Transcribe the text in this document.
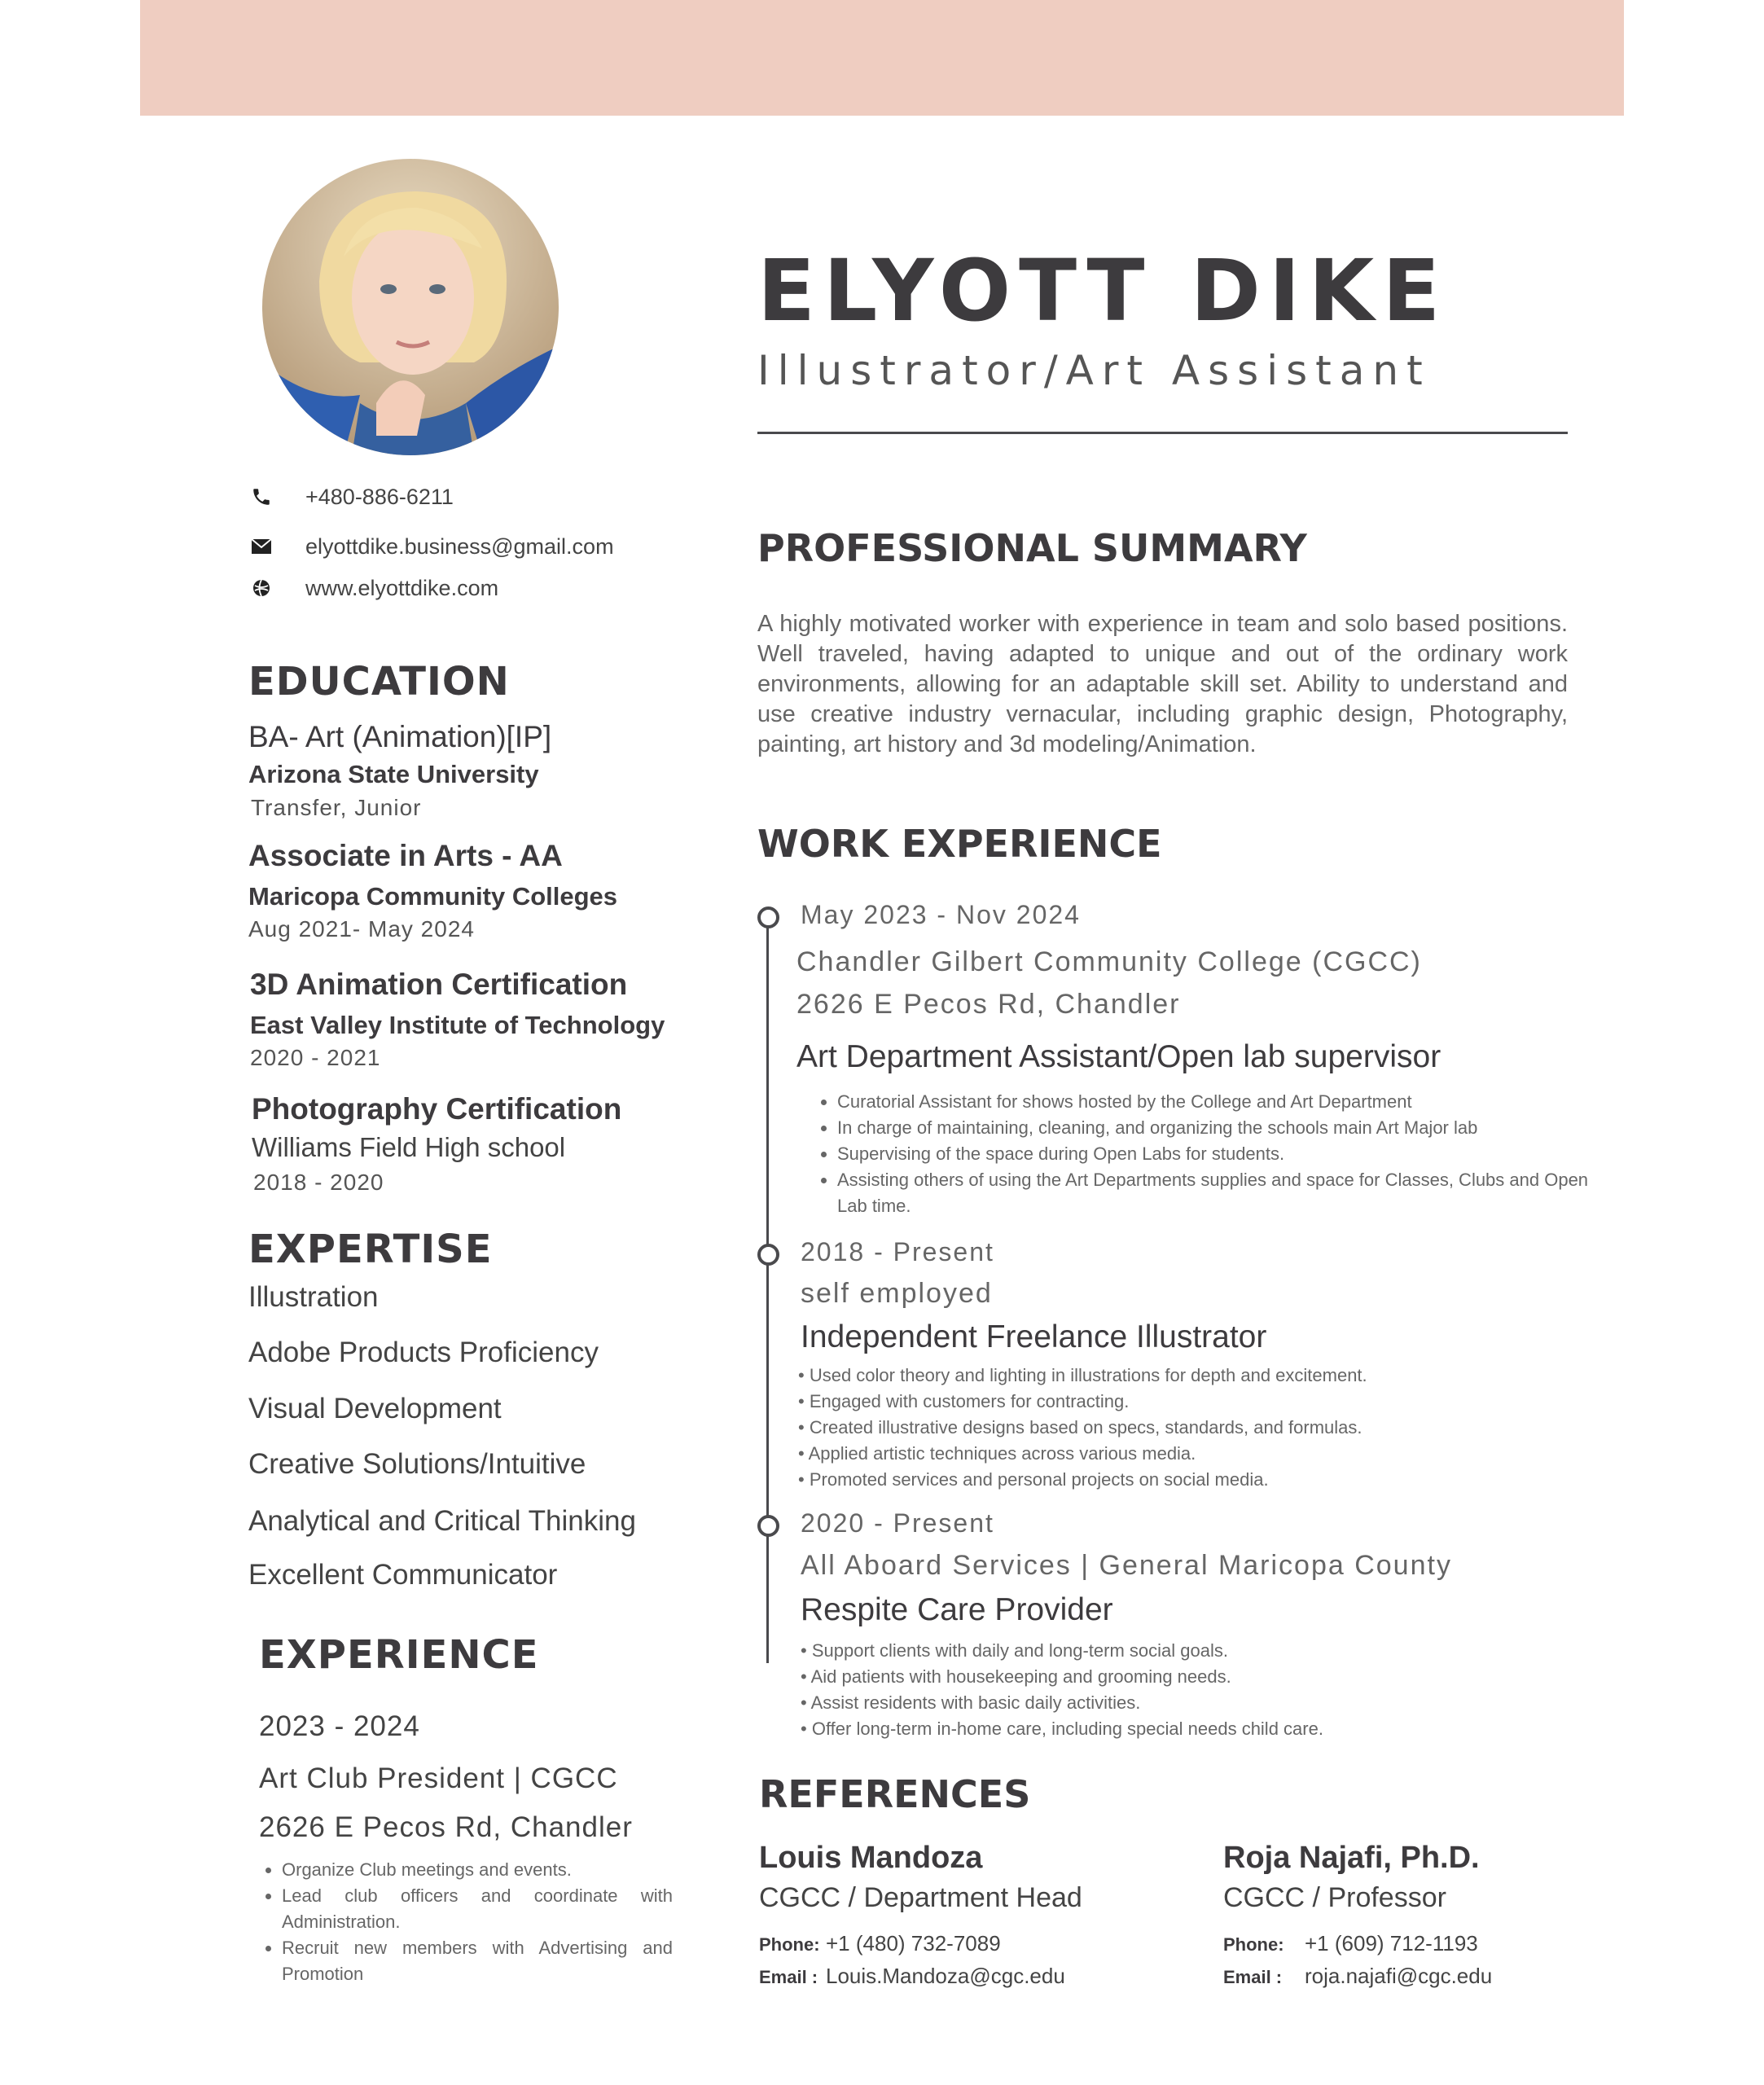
ELYOTT DIKE
Illustrator/Art Assistant
+480-886-6211
elyottdike.business@gmail.com
www.elyottdike.com
EDUCATION
BA- Art (Animation)[IP]
Arizona State University
Transfer, Junior
Associate in Arts - AA
Maricopa Community Colleges
Aug 2021- May 2024
3D Animation Certification
East Valley Institute of Technology
2020 - 2021
Photography Certification
Williams Field High school
2018 - 2020
EXPERTISE
Illustration
Adobe Products Proficiency
Visual Development
Creative Solutions/Intuitive
Analytical and Critical Thinking
Excellent Communicator
EXPERIENCE
2023 - 2024
Art Club President | CGCC
2626 E Pecos Rd, Chandler
• Organize Club meetings and events.
• Lead club officers and coordinate with Administration.
• Recruit new members with Advertising and Promotion
PROFESSIONAL SUMMARY
A highly motivated worker with experience in team and solo based positions. Well traveled, having adapted to unique and out of the ordinary work environments, allowing for an adaptable skill set. Ability to understand and use creative industry vernacular, including graphic design, Photography, painting, art history and 3d modeling/Animation.
WORK EXPERIENCE
May 2023 - Nov 2024
Chandler Gilbert Community College (CGCC)
2626 E Pecos Rd, Chandler
Art Department Assistant/Open lab supervisor
• Curatorial Assistant for shows hosted by the College and Art Department
• In charge of maintaining, cleaning, and organizing the schools main Art Major lab
• Supervising of the space during Open Labs for students.
• Assisting others of using the Art Departments supplies and space for Classes, Clubs and Open Lab time.
2018 - Present
self employed
Independent Freelance Illustrator
• Used color theory and lighting in illustrations for depth and excitement.
• Engaged with customers for contracting.
• Created illustrative designs based on specs, standards, and formulas.
• Applied artistic techniques across various media.
• Promoted services and personal projects on social media.
2020 - Present
All Aboard Services | General Maricopa County
Respite Care Provider
• Support clients with daily and long-term social goals.
• Aid patients with housekeeping and grooming needs.
• Assist residents with basic daily activities.
• Offer long-term in-home care, including special needs child care.
REFERENCES
Louis Mandoza
CGCC / Department Head
Phone: +1 (480) 732-7089
Email : Louis.Mandoza@cgc.edu
Roja Najafi, Ph.D.
CGCC / Professor
Phone: +1 (609) 712-1193
Email : roja.najafi@cgc.edu
